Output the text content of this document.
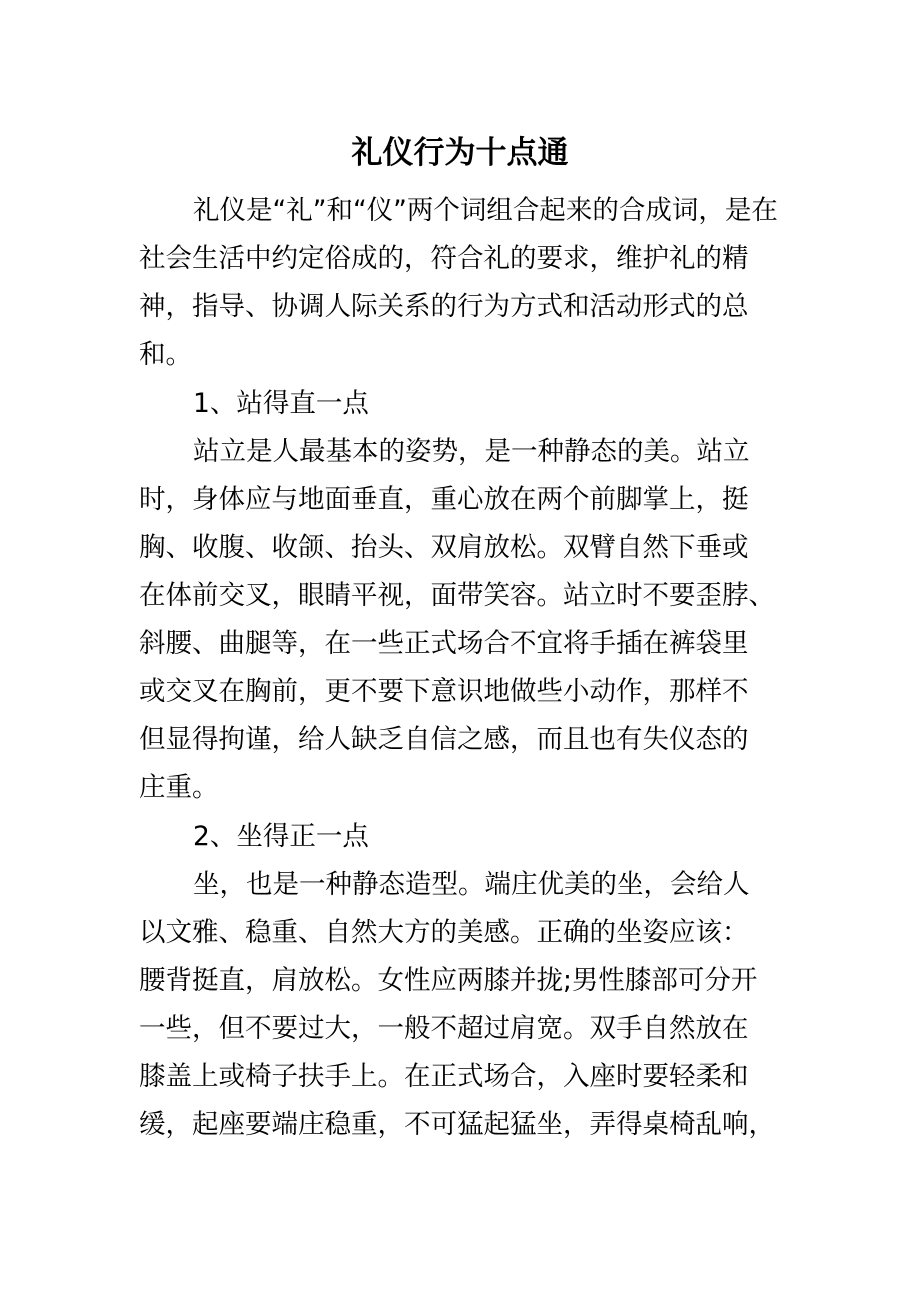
礼仪行为十点通
礼仪是“礼”和“仪”两个词组合起来的合成词，是在
社会生活中约定俗成的，符合礼的要求，维护礼的精
神，指导、协调人际关系的行为方式和活动形式的总
和。
1、站得直一点
站立是人最基本的姿势，是一种静态的美。站立
时，身体应与地面垂直，重心放在两个前脚掌上，挺
胸、收腹、收颌、抬头、双肩放松。双臂自然下垂或
在体前交叉，眼睛平视，面带笑容。站立时不要歪脖、
斜腰、曲腿等，在一些正式场合不宜将手插在裤袋里
或交叉在胸前，更不要下意识地做些小动作，那样不
但显得拘谨，给人缺乏自信之感，而且也有失仪态的
庄重。
2、坐得正一点
坐，也是一种静态造型。端庄优美的坐，会给人
以文雅、稳重、自然大方的美感。正确的坐姿应该：
腰背挺直，肩放松。女性应两膝并拢;男性膝部可分开
一些，但不要过大，一般不超过肩宽。双手自然放在
膝盖上或椅子扶手上。在正式场合，入座时要轻柔和
缓，起座要端庄稳重，不可猛起猛坐，弄得桌椅乱响，
